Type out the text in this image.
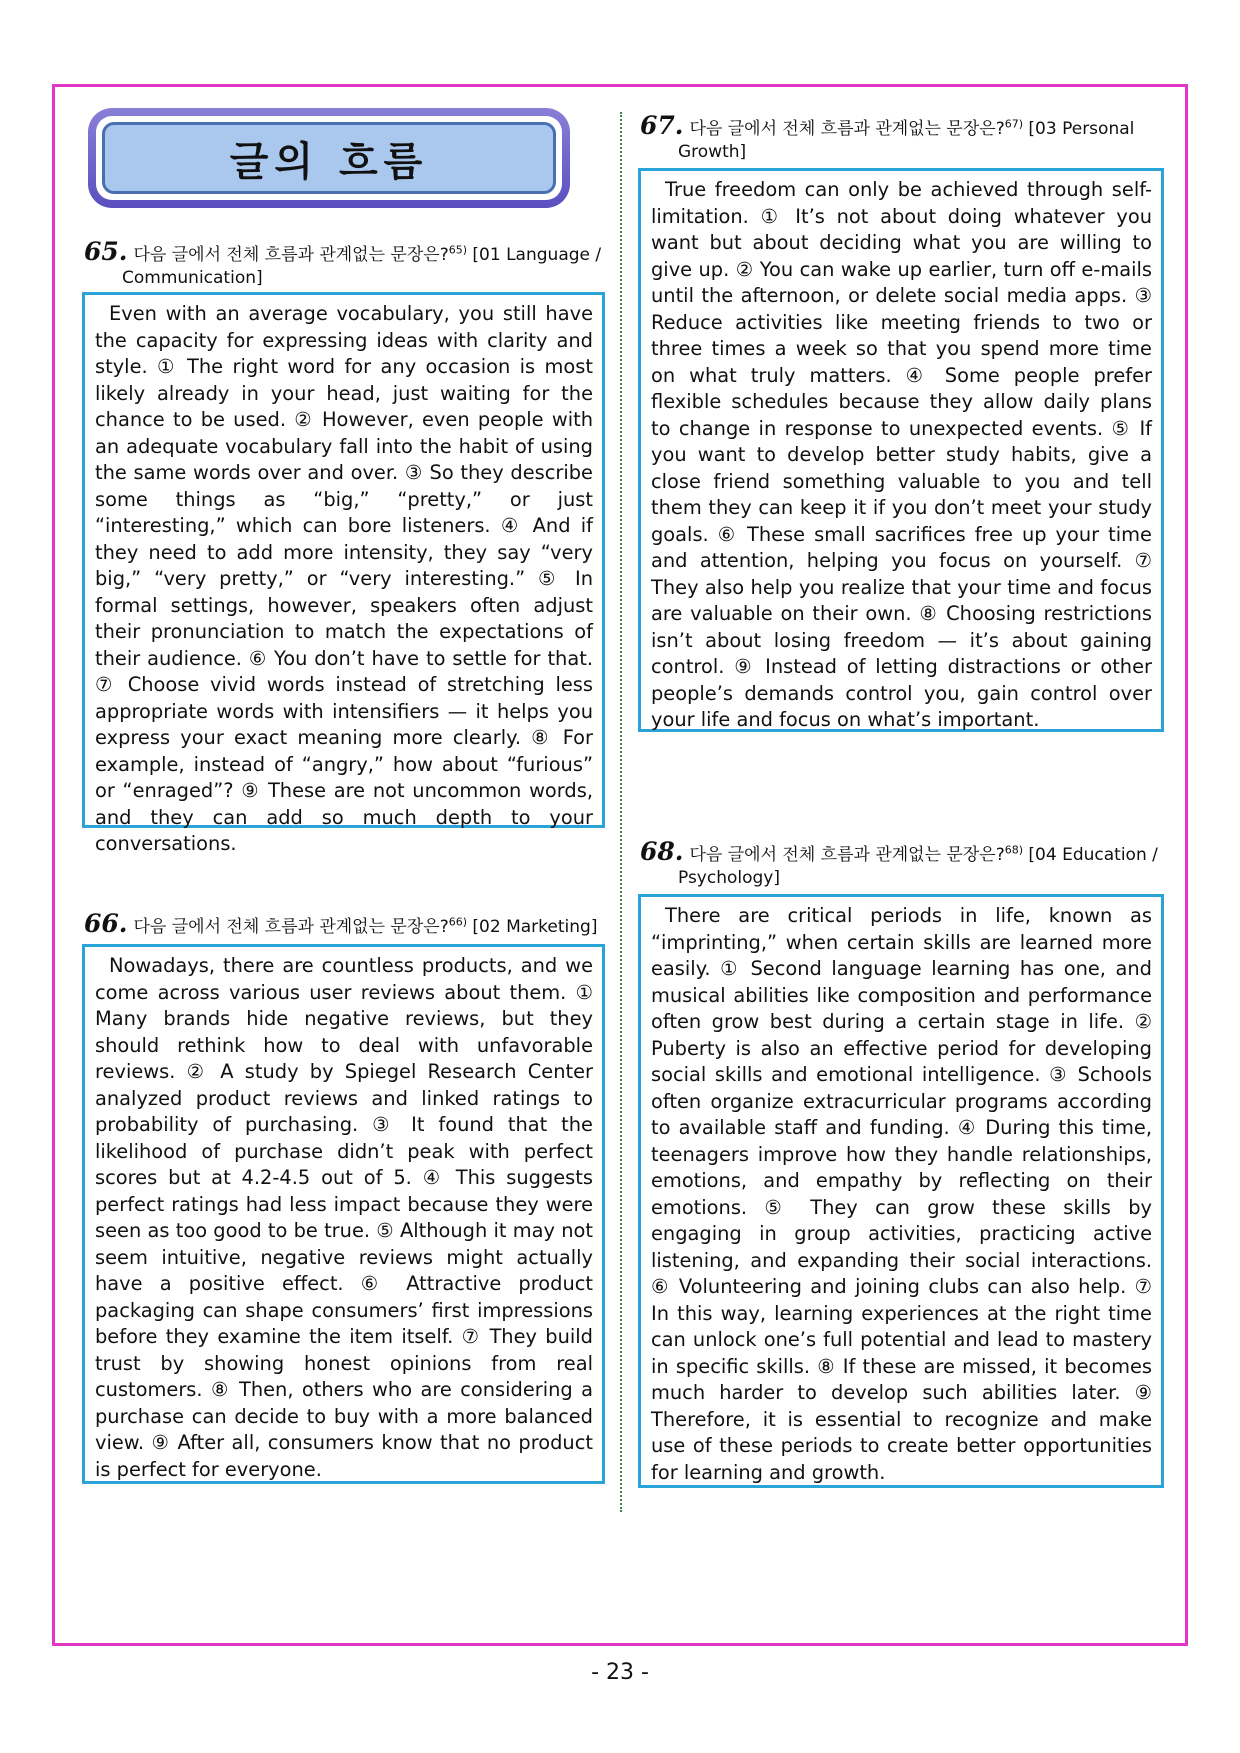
글의 흐름
65. 다음 글에서 전체 흐름과 관계없는 문장은?$^{65)}$ [01 Language /
Communication]

Even with an average vocabulary, you still have the capacity for expressing ideas with clarity and style. ① The right word for any occasion is most likely already in your head, just waiting for the chance to be used. ② However, even people with an adequate vocabulary fall into the habit of using the same words over and over. ③ So they describe some things as “big,” “pretty,” or just “interesting,” which can bore listeners. ④ And if they need to add more intensity, they say “very big,” “very pretty,” or “very interesting.” ⑤ In formal settings, however, speakers often adjust their pronunciation to match the expectations of their audience. ⑥ You don’t have to settle for that. ⑦ Choose vivid words instead of stretching less appropriate words with intensifiers — it helps you express your exact meaning more clearly. ⑧ For example, instead of “angry,” how about “furious” or “enraged”? ⑨ These are not uncommon words, and they can add so much depth to your conversations.

66. 다음 글에서 전체 흐름과 관계없는 문장은?$^{66)}$ [02 Marketing]

Nowadays, there are countless products, and we come across various user reviews about them. ① Many brands hide negative reviews, but they should rethink how to deal with unfavorable reviews. ② A study by Spiegel Research Center analyzed product reviews and linked ratings to probability of purchasing. ③ It found that the likelihood of purchase didn’t peak with perfect scores but at 4.2-4.5 out of 5. ④ This suggests perfect ratings had less impact because they were seen as too good to be true. ⑤ Although it may not seem intuitive, negative reviews might actually have a positive effect. ⑥ Attractive product packaging can shape consumers’ first impressions before they examine the item itself. ⑦ They build trust by showing honest opinions from real customers. ⑧ Then, others who are considering a purchase can decide to buy with a more balanced view. ⑨ After all, consumers know that no product is perfect for everyone.

67. 다음 글에서 전체 흐름과 관계없는 문장은?$^{67)}$ [03 Personal
Growth]

True freedom can only be achieved through self-limitation. ① It’s not about doing whatever you want but about deciding what you are willing to give up. ② You can wake up earlier, turn off e-mails until the afternoon, or delete social media apps. ③ Reduce activities like meeting friends to two or three times a week so that you spend more time on what truly matters. ④ Some people prefer flexible schedules because they allow daily plans to change in response to unexpected events. ⑤ If you want to develop better study habits, give a close friend something valuable to you and tell them they can keep it if you don’t meet your study goals. ⑥ These small sacrifices free up your time and attention, helping you focus on yourself. ⑦ They also help you realize that your time and focus are valuable on their own. ⑧ Choosing restrictions isn’t about losing freedom — it’s about gaining control. ⑨ Instead of letting distractions or other people’s demands control you, gain control over your life and focus on what’s important.

68. 다음 글에서 전체 흐름과 관계없는 문장은?$^{68)}$ [04 Education /
Psychology]

There are critical periods in life, known as “imprinting,” when certain skills are learned more easily. ① Second language learning has one, and musical abilities like composition and performance often grow best during a certain stage in life. ② Puberty is also an effective period for developing social skills and emotional intelligence. ③ Schools often organize extracurricular programs according to available staff and funding. ④ During this time, teenagers improve how they handle relationships, emotions, and empathy by reflecting on their emotions. ⑤ They can grow these skills by engaging in group activities, practicing active listening, and expanding their social interactions. ⑥ Volunteering and joining clubs can also help. ⑦ In this way, learning experiences at the right time can unlock one’s full potential and lead to mastery in specific skills. ⑧ If these are missed, it becomes much harder to develop such abilities later. ⑨ Therefore, it is essential to recognize and make use of these periods to create better opportunities for learning and growth.

- 23 -
